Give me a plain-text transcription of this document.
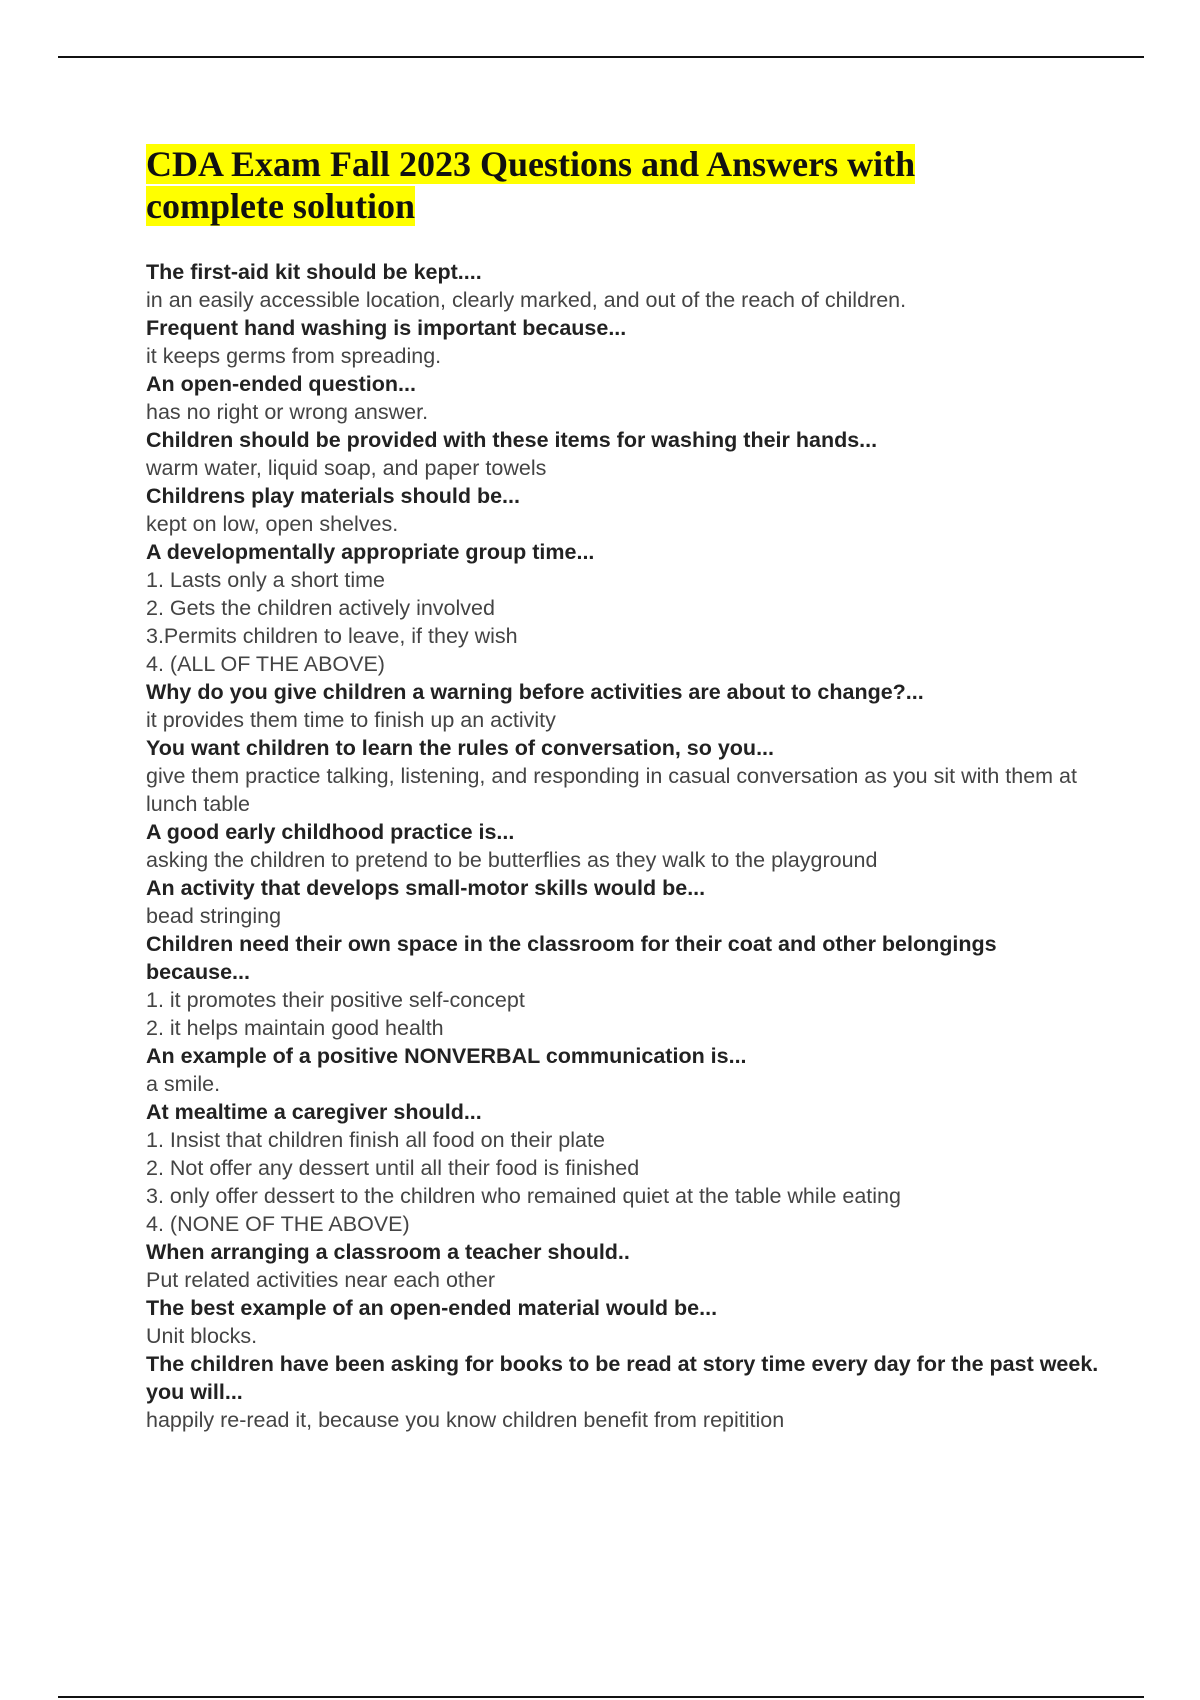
CDA Exam Fall 2023 Questions and Answers with complete solution
The first-aid kit should be kept....
in an easily accessible location, clearly marked, and out of the reach of children.
Frequent hand washing is important because...
it keeps germs from spreading.
An open-ended question...
has no right or wrong answer.
Children should be provided with these items for washing their hands...
warm water, liquid soap, and paper towels
Childrens play materials should be...
kept on low, open shelves.
A developmentally appropriate group time...
1. Lasts only a short time
2. Gets the children actively involved
3.Permits children to leave, if they wish
4. (ALL OF THE ABOVE)
Why do you give children a warning before activities are about to change?...
it provides them time to finish up an activity
You want children to learn the rules of conversation, so you...
give them practice talking, listening, and responding in casual conversation as you sit with them at lunch table
A good early childhood practice is...
asking the children to pretend to be butterflies as they walk to the playground
An activity that develops small-motor skills would be...
bead stringing
Children need their own space in the classroom for their coat and other belongings because...
1. it promotes their positive self-concept
2. it helps maintain good health
An example of a positive NONVERBAL communication is...
a smile.
At mealtime a caregiver should...
1. Insist that children finish all food on their plate
2. Not offer any dessert until all their food is finished
3. only offer dessert to the children who remained quiet at the table while eating
4. (NONE OF THE ABOVE)
When arranging a classroom a teacher should..
Put related activities near each other
The best example of an open-ended material would be...
Unit blocks.
The children have been asking for books to be read at story time every day for the past week. you will...
happily re-read it, because you know children benefit from repitition
